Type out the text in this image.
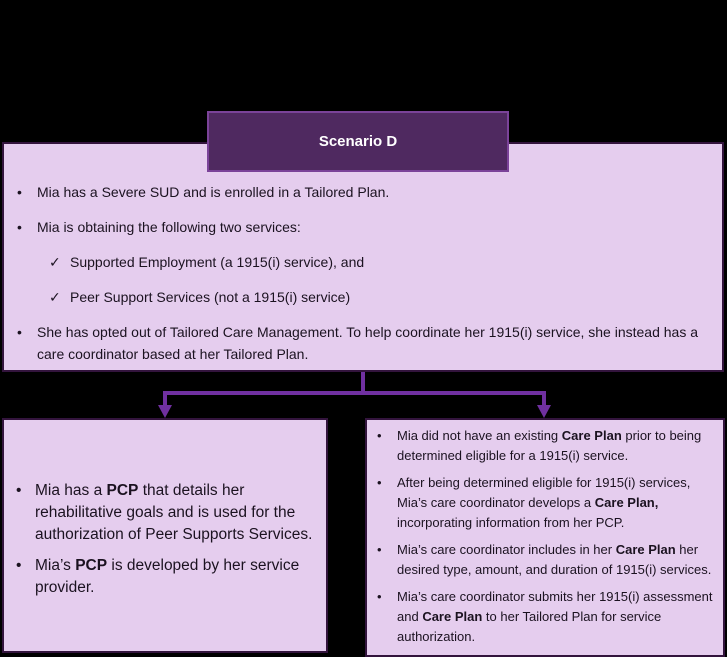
Scenario D
• Mia has a Severe SUD and is enrolled in a Tailored Plan.
• Mia is obtaining the following two services:
✓ Supported Employment (a 1915(i) service), and
✓ Peer Support Services (not a 1915(i) service)
• She has opted out of Tailored Care Management. To help coordinate her 1915(i) service, she instead has a care coordinator based at her Tailored Plan.
• Mia has a PCP that details her rehabilitative goals and is used for the authorization of Peer Supports Services.
• Mia’s PCP is developed by her service provider.
• Mia did not have an existing Care Plan prior to being determined eligible for a 1915(i) service.
• After being determined eligible for 1915(i) services, Mia’s care coordinator develops a Care Plan, incorporating information from her PCP.
• Mia’s care coordinator includes in her Care Plan her desired type, amount, and duration of 1915(i) services.
• Mia’s care coordinator submits her 1915(i) assessment and Care Plan to her Tailored Plan for service authorization.
